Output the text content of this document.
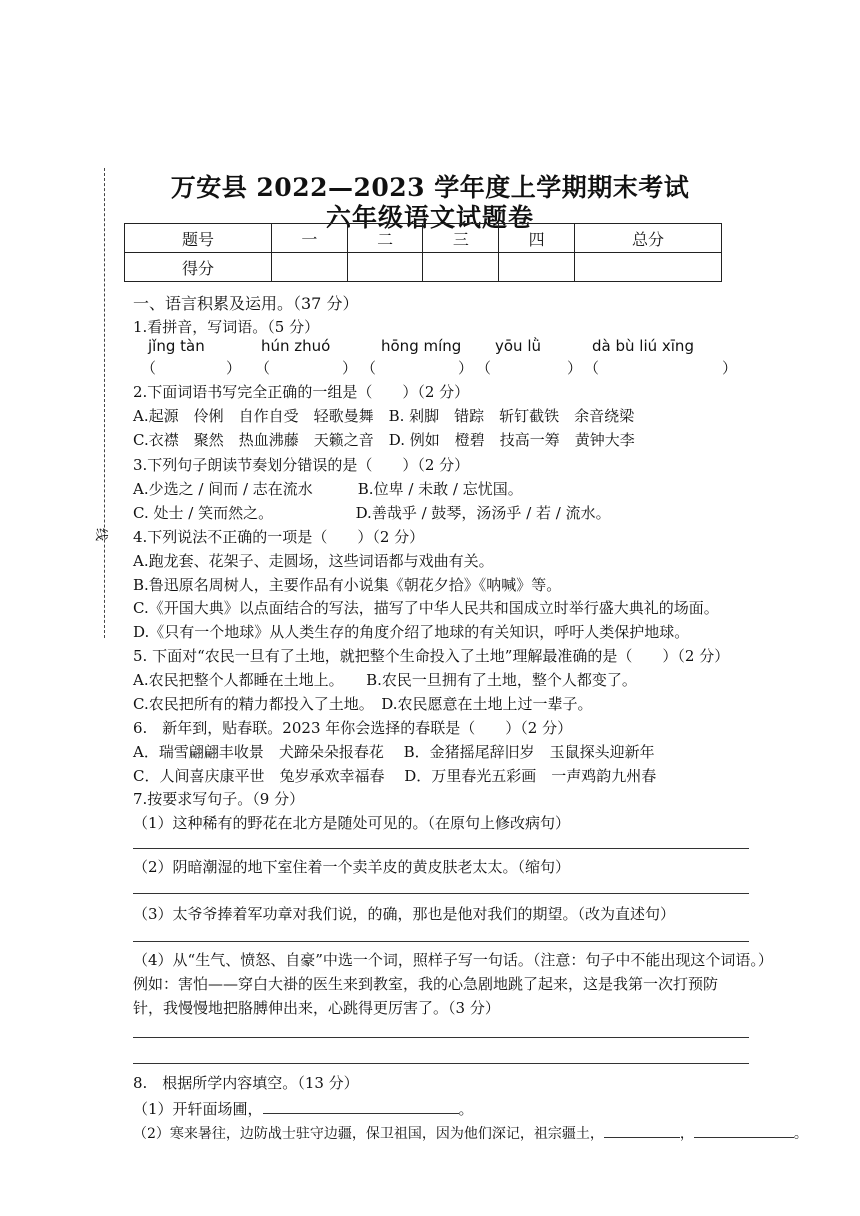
线
万安县 2022—2023 学年度上学期期末考试
六年级语文试题卷
题号	一	二	三	四	总分
得分					
一、语言积累及运用。（37 分）
1.看拼音，写词语。（5 分）
jǐng tàn	hún zhuó	hōng míng yōu lǜ	dà bù liú xīng
（	） （	） （	） （	） （	）
2.下面词语书写完全正确的一组是（　　）（2 分）
A.起源　伶俐　自作自受　轻歌曼舞　B. 剁脚　错踪　斩钉截铁　余音绕梁
C.衣襟　聚然　热血沸藤　天籁之音　D. 例如　橙碧　技高一筹　黄钟大李
3.下列句子朗读节奏划分错误的是（　　）（2 分）
A.少选之 / 间而 / 志在流水　　　B.位卑 / 未敢 / 忘忧国。
C. 处士 / 笑而然之。　　　　　　D.善哉乎 / 鼓琴，汤汤乎 / 若 / 流水。
4.下列说法不正确的一项是（　　）（2 分）
A.跑龙套、花架子、走圆场，这些词语都与戏曲有关。
B.鲁迅原名周树人，主要作品有小说集《朝花夕拾》《呐喊》等。
C.《开国大典》以点面结合的写法，描写了中华人民共和国成立时举行盛大典礼的场面。
D.《只有一个地球》从人类生存的角度介绍了地球的有关知识，呼吁人类保护地球。
5. 下面对“农民一旦有了土地，就把整个生命投入了土地”理解最准确的是（　　）（2 分）
A.农民把整个人都睡在土地上。　　B.农民一旦拥有了土地，整个人都变了。
C.农民把所有的精力都投入了土地。　D.农民愿意在土地上过一辈子。
6.　新年到，贴春联。2023 年你会选择的春联是（　　）（2 分）
A．瑞雪翩翩丰收景　犬蹄朵朵报春花　 B．金猪摇尾辞旧岁　玉鼠探头迎新年
C．人间喜庆康平世　兔岁承欢幸福春　 D．万里春光五彩画　一声鸡韵九州春
7.按要求写句子。（9 分）
（1）这种稀有的野花在北方是随处可见的。（在原句上修改病句）
（2）阴暗潮湿的地下室住着一个卖羊皮的黄皮肤老太太。（缩句）
（3）太爷爷捧着军功章对我们说，的确，那也是他对我们的期望。（改为直述句）
（4）从“生气、愤怒、自豪”中选一个词，照样子写一句话。（注意：句子中不能出现这个词语。）
例如：害怕——穿白大褂的医生来到教室，我的心急剧地跳了起来，这是我第一次打预防
针，我慢慢地把胳膊伸出来，心跳得更厉害了。（3 分）
8.　根据所学内容填空。（13 分）
（1）开轩面场圃，	。
（2）寒来暑往，边防战士驻守边疆，保卫祖国，因为他们深记，祖宗疆土，	，	。
